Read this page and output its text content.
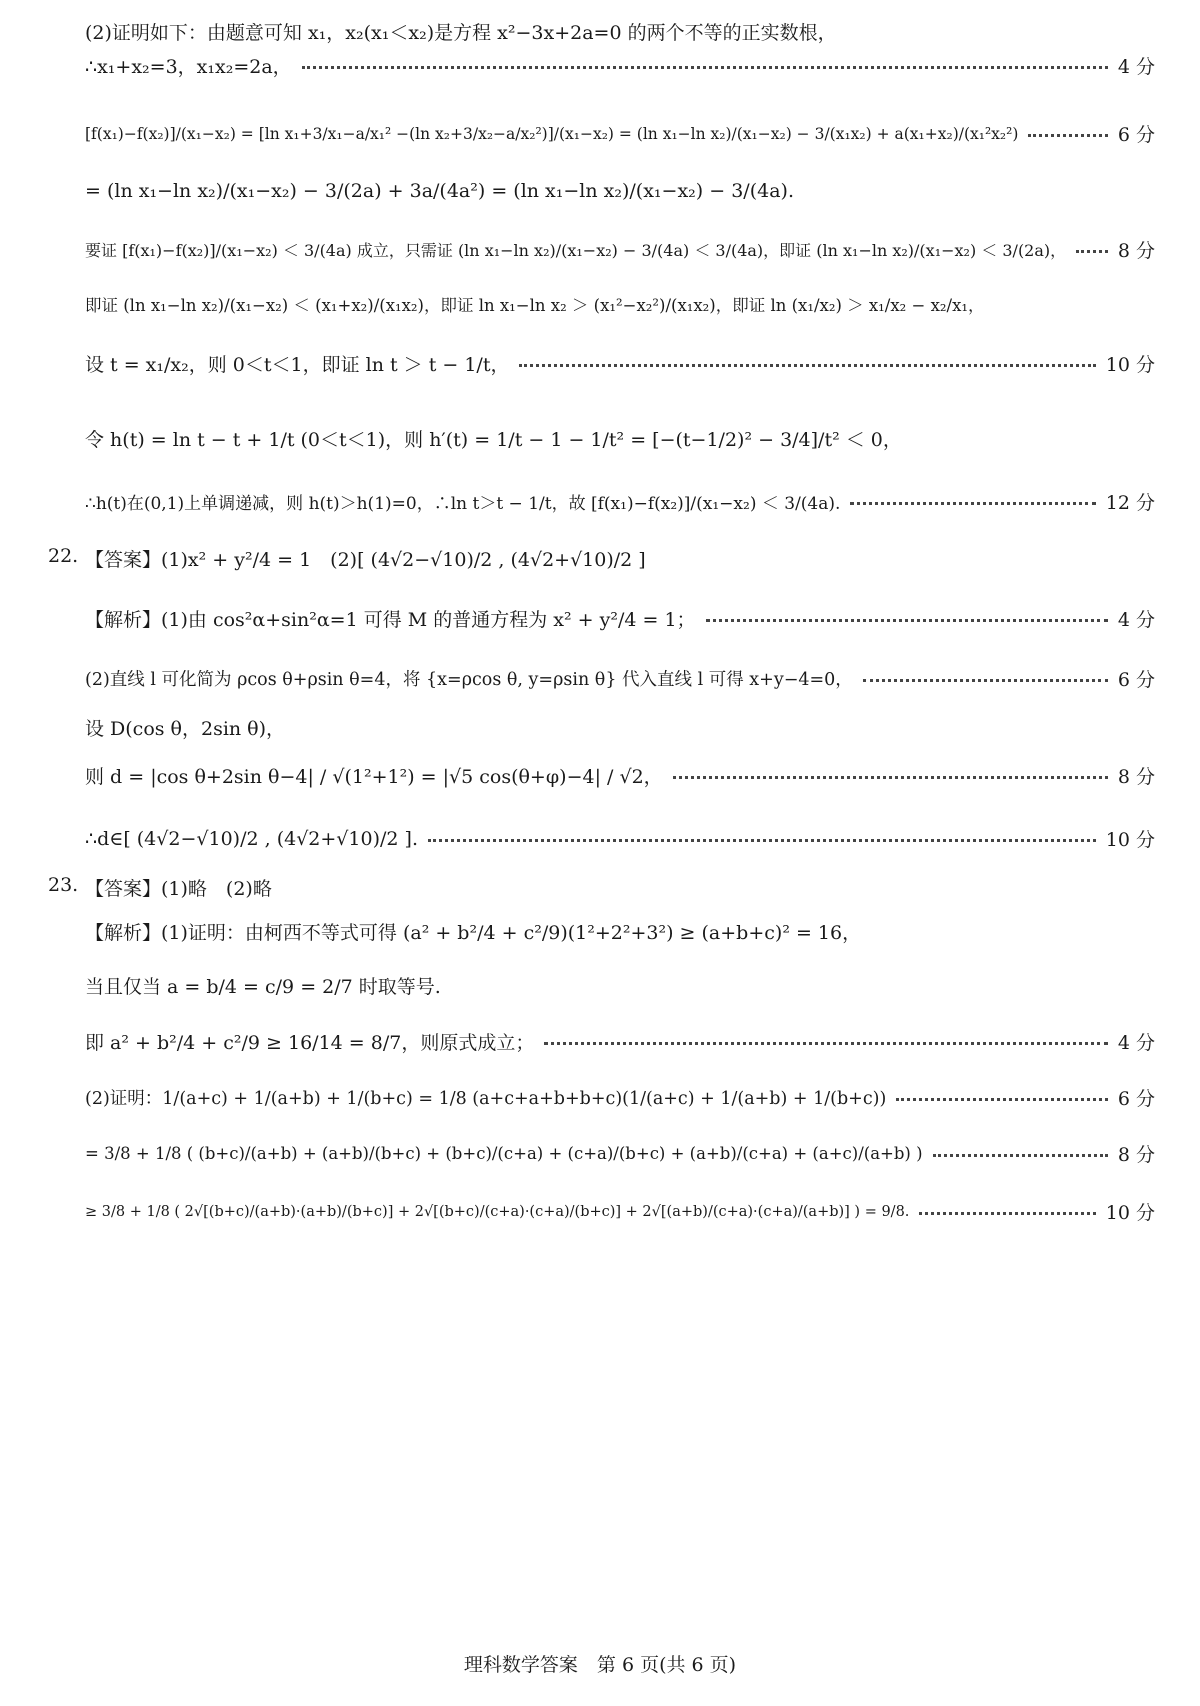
(2)证明如下：由题意可知 x₁，x₂(x₁＜x₂)是方程 x²−3x+2a=0 的两个不等的正实数根，
∴x₁+x₂=3，x₁x₂=2a，	4 分
[f(x₁)−f(x₂)]/(x₁−x₂) = [ln x₁+3/x₁−a/x₁² −(ln x₂+3/x₂−a/x₂²)]/(x₁−x₂) = (ln x₁−ln x₂)/(x₁−x₂) − 3/(x₁x₂) + a(x₁+x₂)/(x₁²x₂²)	6 分
= (ln x₁−ln x₂)/(x₁−x₂) − 3/(2a) + 3a/(4a²) = (ln x₁−ln x₂)/(x₁−x₂) − 3/(4a).
要证 [f(x₁)−f(x₂)]/(x₁−x₂) ＜ 3/(4a) 成立，只需证 (ln x₁−ln x₂)/(x₁−x₂) − 3/(4a) ＜ 3/(4a)，即证 (ln x₁−ln x₂)/(x₁−x₂) ＜ 3/(2a)，	8 分
即证 (ln x₁−ln x₂)/(x₁−x₂) ＜ (x₁+x₂)/(x₁x₂)，即证 ln x₁−ln x₂ ＞ (x₁²−x₂²)/(x₁x₂)，即证 ln (x₁/x₂) ＞ x₁/x₂ − x₂/x₁，
设 t = x₁/x₂，则 0＜t＜1，即证 ln t ＞ t − 1/t，	10 分
令 h(t) = ln t − t + 1/t (0＜t＜1)，则 h′(t) = 1/t − 1 − 1/t² = [−(t−1/2)² − 3/4]/t² ＜ 0，
∴h(t)在(0,1)上单调递减，则 h(t)＞h(1)=0，∴ln t＞t − 1/t，故 [f(x₁)−f(x₂)]/(x₁−x₂) ＜ 3/(4a).	12 分
22. 【答案】(1)x² + y²/4 = 1　(2)[ (4√2−√10)/2 , (4√2+√10)/2 ]
【解析】(1)由 cos²α+sin²α=1 可得 M 的普通方程为 x² + y²/4 = 1；	4 分
(2)直线 l 可化简为 ρcos θ+ρsin θ=4，将 {x=ρcos θ, y=ρsin θ} 代入直线 l 可得 x+y−4=0，	6 分
设 D(cos θ，2sin θ)，
则 d = |cos θ+2sin θ−4| / √(1²+1²) = |√5 cos(θ+φ)−4| / √2，	8 分
∴d∈[ (4√2−√10)/2 , (4√2+√10)/2 ].	10 分
23. 【答案】(1)略　(2)略
【解析】(1)证明：由柯西不等式可得 (a² + b²/4 + c²/9)(1²+2²+3²) ≥ (a+b+c)² = 16，
当且仅当 a = b/4 = c/9 = 2/7 时取等号.
即 a² + b²/4 + c²/9 ≥ 16/14 = 8/7，则原式成立；	4 分
(2)证明：1/(a+c) + 1/(a+b) + 1/(b+c) = 1/8 (a+c+a+b+b+c)(1/(a+c) + 1/(a+b) + 1/(b+c))	6 分
= 3/8 + 1/8 ( (b+c)/(a+b) + (a+b)/(b+c) + (b+c)/(c+a) + (c+a)/(b+c) + (a+b)/(c+a) + (a+c)/(a+b) )	8 分
≥ 3/8 + 1/8 ( 2√[(b+c)/(a+b)·(a+b)/(b+c)] + 2√[(b+c)/(c+a)·(c+a)/(b+c)] + 2√[(a+b)/(c+a)·(c+a)/(a+b)] ) = 9/8.	10 分
理科数学答案　第 6 页(共 6 页)
